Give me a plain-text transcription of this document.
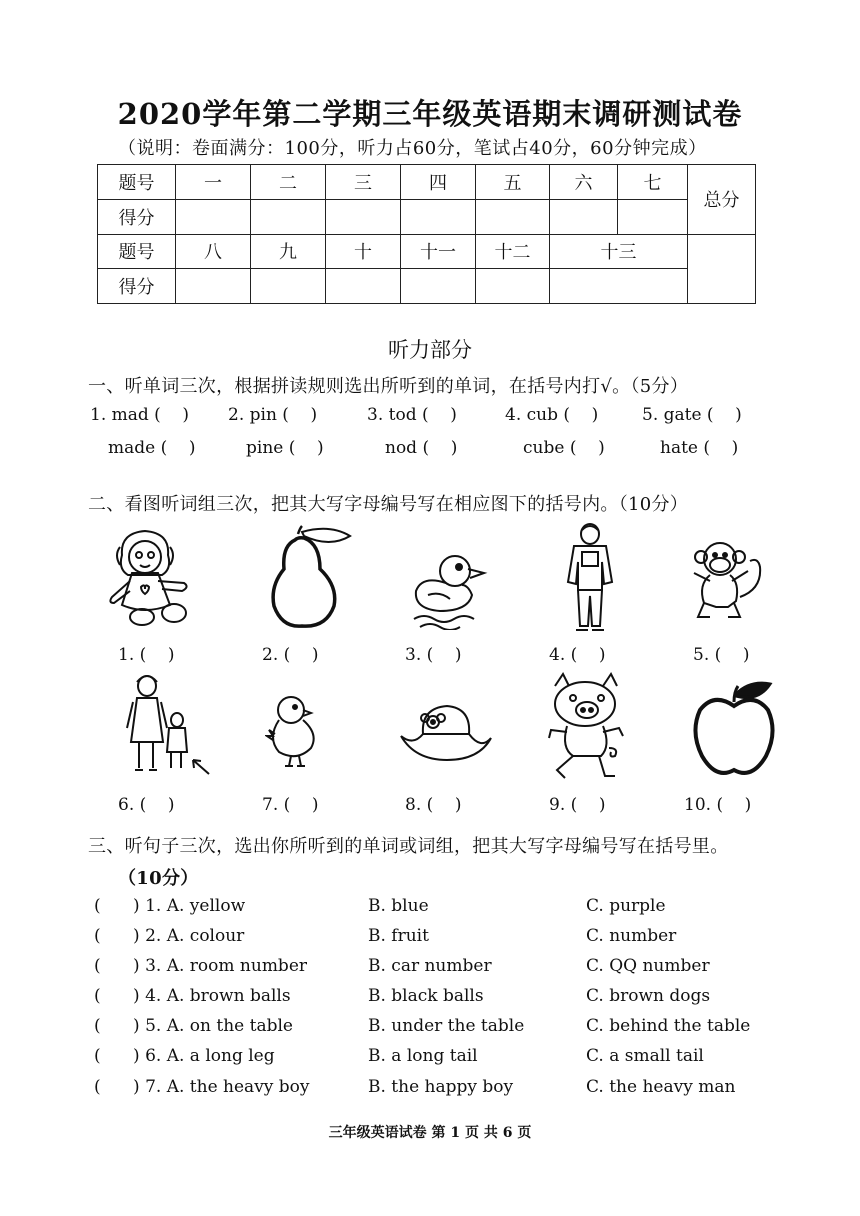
2020学年第二学期三年级英语期末调研测试卷
（说明：卷面满分：100分，听力占60分，笔试占40分，60分钟完成）
题号	一	二	三	四	五	六	七	总分
得分								
题号	八	九	十	十一	十二	十三		
得分								
听力部分
一、听单词三次，根据拼读规则选出所听到的单词，在括号内打√。（5分）
1. mad (    ) 2. pin (    )	3. tod (    )	4. cub (    )	5. gate (    )
made (    )	pine (    )	nod (    )	cube (    )	hate (    )
二、看图听词组三次，把其大写字母编号写在相应图下的括号内。（10分）
1. (    )	2. (    )	3. (    )	4. (    )	5. (    )
6. (    )	7. (    )	8. (    )	9. (    )	10. (    )
三、听句子三次，选出你所听到的单词或词组，把其大写字母编号写在括号里。
（10分）
(      ) 1. A. yellow	B. blue	C. purple
(      ) 2. A. colour	B. fruit	C. number
(      ) 3. A. room number	B. car number	C. QQ number
(      ) 4. A. brown balls	B. black balls	C. brown dogs
(      ) 5. A. on the table	B. under the table	C. behind the table
(      ) 6. A. a long leg	B. a long tail	C. a small tail
(      ) 7. A. the heavy boy	B. the happy boy	C. the heavy man
三年级英语试卷 第 1 页 共 6 页
